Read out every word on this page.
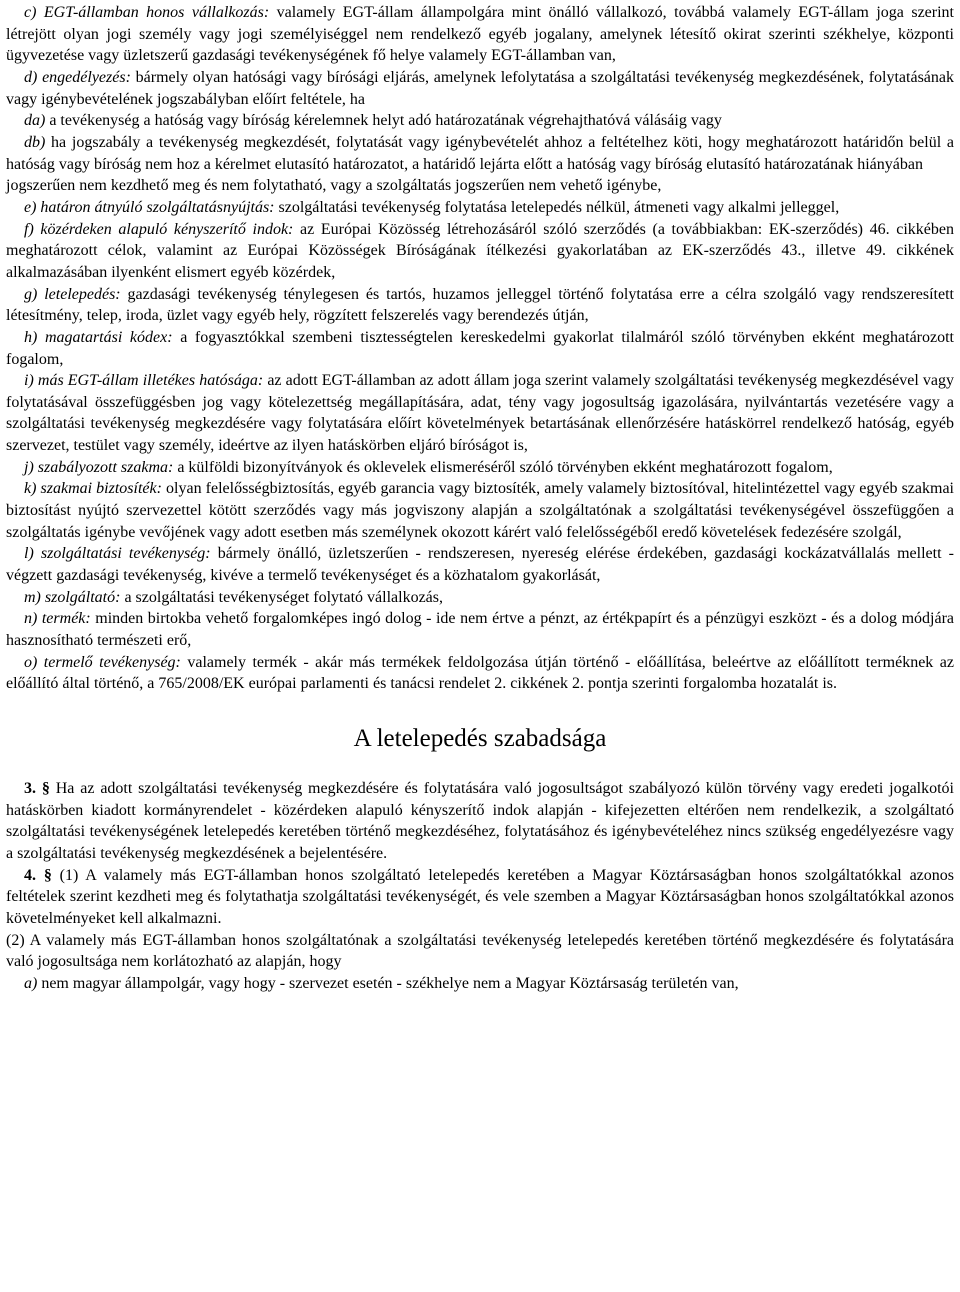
c) EGT-államban honos vállalkozás: valamely EGT-állam állampolgára mint önálló vállalkozó, továbbá valamely EGT-állam joga szerint létrejött olyan jogi személy vagy jogi személyiséggel nem rendelkező egyéb jogalany, amelynek létesítő okirat szerinti székhelye, központi ügyvezetése vagy üzletszerű gazdasági tevékenységének fő helye valamely EGT-államban van,

d) engedélyezés: bármely olyan hatósági vagy bírósági eljárás, amelynek lefolytatása a szolgáltatási tevékenység megkezdésének, folytatásának vagy igénybevételének jogszabályban előírt feltétele, ha

da) a tevékenység a hatóság vagy bíróság kérelemnek helyt adó határozatának végrehajthatóvá válásáig vagy

db) ha jogszabály a tevékenység megkezdését, folytatását vagy igénybevételét ahhoz a feltételhez köti, hogy meghatározott határidőn belül a hatóság vagy bíróság nem hoz a kérelmet elutasító határozatot, a határidő lejárta előtt a hatóság vagy bíróság elutasító határozatának hiányában

jogszerűen nem kezdhető meg és nem folytatható, vagy a szolgáltatás jogszerűen nem vehető igénybe,

e) határon átnyúló szolgáltatásnyújtás: szolgáltatási tevékenység folytatása letelepedés nélkül, átmeneti vagy alkalmi jelleggel,

f) közérdeken alapuló kényszerítő indok: az Európai Közösség létrehozásáról szóló szerződés (a továbbiakban: EK-szerződés) 46. cikkében meghatározott célok, valamint az Európai Közösségek Bíróságának ítélkezési gyakorlatában az EK-szerződés 43., illetve 49. cikkének alkalmazásában ilyenként elismert egyéb közérdek,

g) letelepedés: gazdasági tevékenység ténylegesen és tartós, huzamos jelleggel történő folytatása erre a célra szolgáló vagy rendszeresített létesítmény, telep, iroda, üzlet vagy egyéb hely, rögzített felszerelés vagy berendezés útján,

h) magatartási kódex: a fogyasztókkal szembeni tisztességtelen kereskedelmi gyakorlat tilalmáról szóló törvényben ekként meghatározott fogalom,

i) más EGT-állam illetékes hatósága: az adott EGT-államban az adott állam joga szerint valamely szolgáltatási tevékenység megkezdésével vagy folytatásával összefüggésben jog vagy kötelezettség megállapítására, adat, tény vagy jogosultság igazolására, nyilvántartás vezetésére vagy a szolgáltatási tevékenység megkezdésére vagy folytatására előírt követelmények betartásának ellenőrzésére hatáskörrel rendelkező hatóság, egyéb szervezet, testület vagy személy, ideértve az ilyen hatáskörben eljáró bíróságot is,

j) szabályozott szakma: a külföldi bizonyítványok és oklevelek elismeréséről szóló törvényben ekként meghatározott fogalom,

k) szakmai biztosíték: olyan felelősségbiztosítás, egyéb garancia vagy biztosíték, amely valamely biztosítóval, hitelintézettel vagy egyéb szakmai biztosítást nyújtó szervezettel kötött szerződés vagy más jogviszony alapján a szolgáltatónak a szolgáltatási tevékenységével összefüggően a szolgáltatás igénybe vevőjének vagy adott esetben más személynek okozott kárért való felelősségéből eredő követelések fedezésére szolgál,

l) szolgáltatási tevékenység: bármely önálló, üzletszerűen - rendszeresen, nyereség elérése érdekében, gazdasági kockázatvállalás mellett - végzett gazdasági tevékenység, kivéve a termelő tevékenységet és a közhatalom gyakorlását,

m) szolgáltató: a szolgáltatási tevékenységet folytató vállalkozás,

n) termék: minden birtokba vehető forgalomképes ingó dolog - ide nem értve a pénzt, az értékpapírt és a pénzügyi eszközt - és a dolog módjára hasznosítható természeti erő,

o) termelő tevékenység: valamely termék - akár más termékek feldolgozása útján történő - előállítása, beleértve az előállított terméknek az előállító által történő, a 765/2008/EK európai parlamenti és tanácsi rendelet 2. cikkének 2. pontja szerinti forgalomba hozatalát is.

A letelepedés szabadsága

3. § Ha az adott szolgáltatási tevékenység megkezdésére és folytatására való jogosultságot szabályozó külön törvény vagy eredeti jogalkotói hatáskörben kiadott kormányrendelet - közérdeken alapuló kényszerítő indok alapján - kifejezetten eltérően nem rendelkezik, a szolgáltató szolgáltatási tevékenységének letelepedés keretében történő megkezdéséhez, folytatásához és igénybevételéhez nincs szükség engedélyezésre vagy a szolgáltatási tevékenység megkezdésének a bejelentésére.

4. § (1) A valamely más EGT-államban honos szolgáltató letelepedés keretében a Magyar Köztársaságban honos szolgáltatókkal azonos feltételek szerint kezdheti meg és folytathatja szolgáltatási tevékenységét, és vele szemben a Magyar Köztársaságban honos szolgáltatókkal azonos követelményeket kell alkalmazni.

(2) A valamely más EGT-államban honos szolgáltatónak a szolgáltatási tevékenység letelepedés keretében történő megkezdésére és folytatására való jogosultsága nem korlátozható az alapján, hogy

a) nem magyar állampolgár, vagy hogy - szervezet esetén - székhelye nem a Magyar Köztársaság területén van,
